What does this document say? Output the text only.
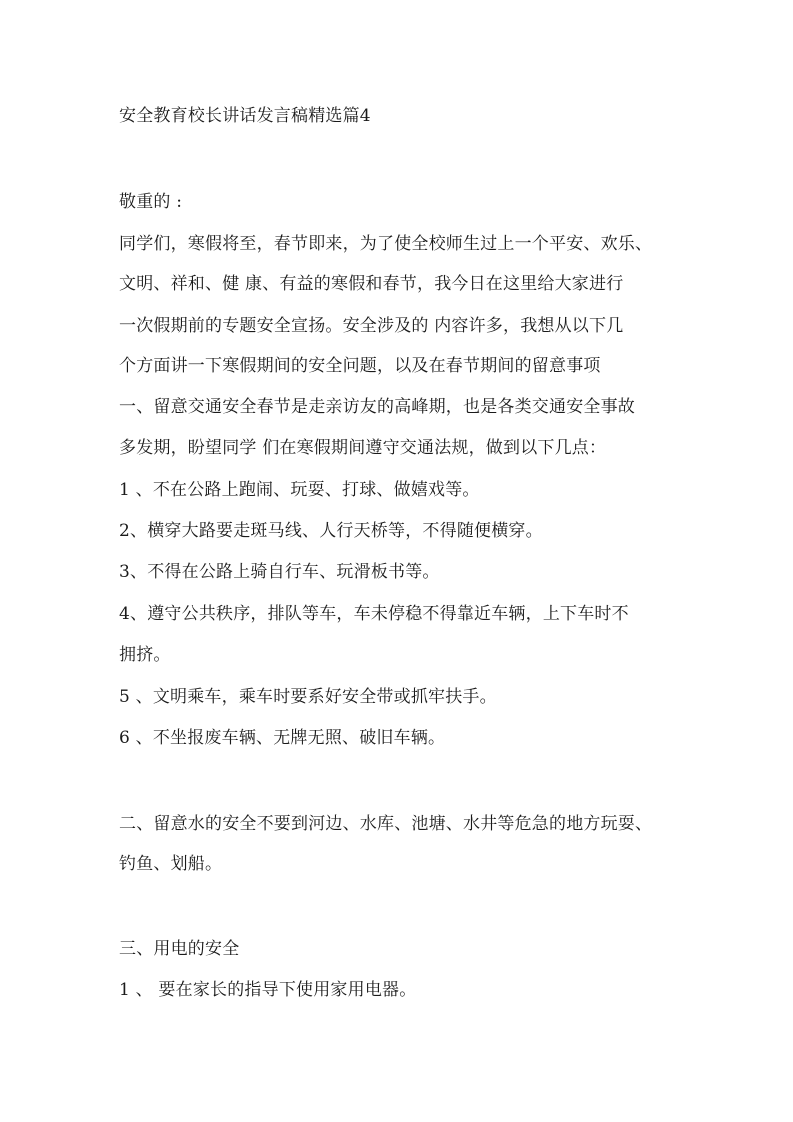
安全教育校长讲话发言稿精选篇4
敬重的 :
同学们，寒假将至，春节即来，为了使全校师生过上一个平安、欢乐、
文明、祥和、健 康、有益的寒假和春节，我今日在这里给大家进行
一次假期前的专题安全宣扬。安全涉及的 内容许多，我想从以下几
个方面讲一下寒假期间的安全问题，以及在春节期间的留意事项
一、留意交通安全春节是走亲访友的高峰期，也是各类交通安全事故
多发期，盼望同学 们在寒假期间遵守交通法规，做到以下几点：
1 、不在公路上跑闹、玩耍、打球、做嬉戏等。
2、横穿大路要走斑马线、人行天桥等，不得随便横穿。
3、不得在公路上骑自行车、玩滑板书等。
4、遵守公共秩序，排队等车，车未停稳不得靠近车辆，上下车时不
拥挤。
5 、文明乘车，乘车时要系好安全带或抓牢扶手。
6 、不坐报废车辆、无牌无照、破旧车辆。
二、留意水的安全不要到河边、水库、池塘、水井等危急的地方玩耍、
钓鱼、划船。
三、用电的安全
1 、 要在家长的指导下使用家用电器。
